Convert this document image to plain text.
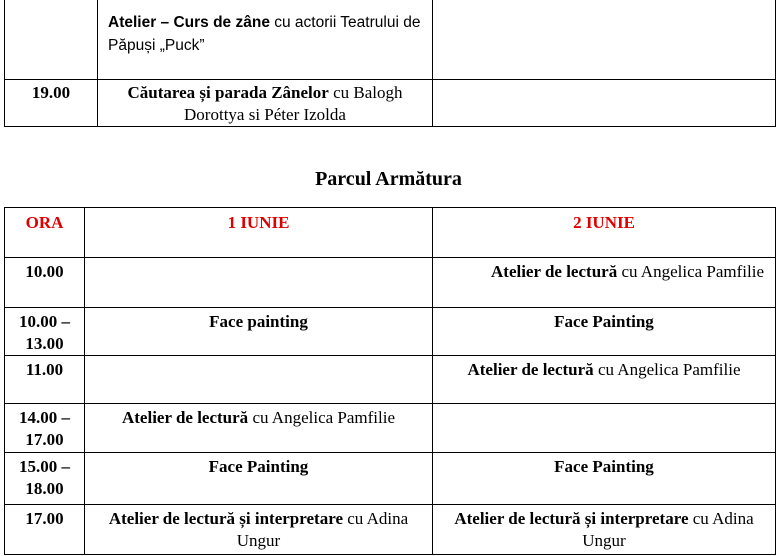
	Atelier – Curs de zâne cu actorii Teatrului de Păpuși „Puck”	
19.00	Căutarea și parada Zânelor cu Balogh Dorottya si Péter Izolda	
Parcul Armătura
ORA	1 IUNIE	2 IUNIE
10.00		Atelier de lectură cu Angelica Pamfilie
10.00 – 13.00	Face painting	Face Painting
11.00		Atelier de lectură cu Angelica Pamfilie
14.00 – 17.00	Atelier de lectură cu Angelica Pamfilie	
15.00 – 18.00	Face Painting	Face Painting
17.00	Atelier de lectură și interpretare cu Adina Ungur	Atelier de lectură și interpretare cu Adina Ungur
